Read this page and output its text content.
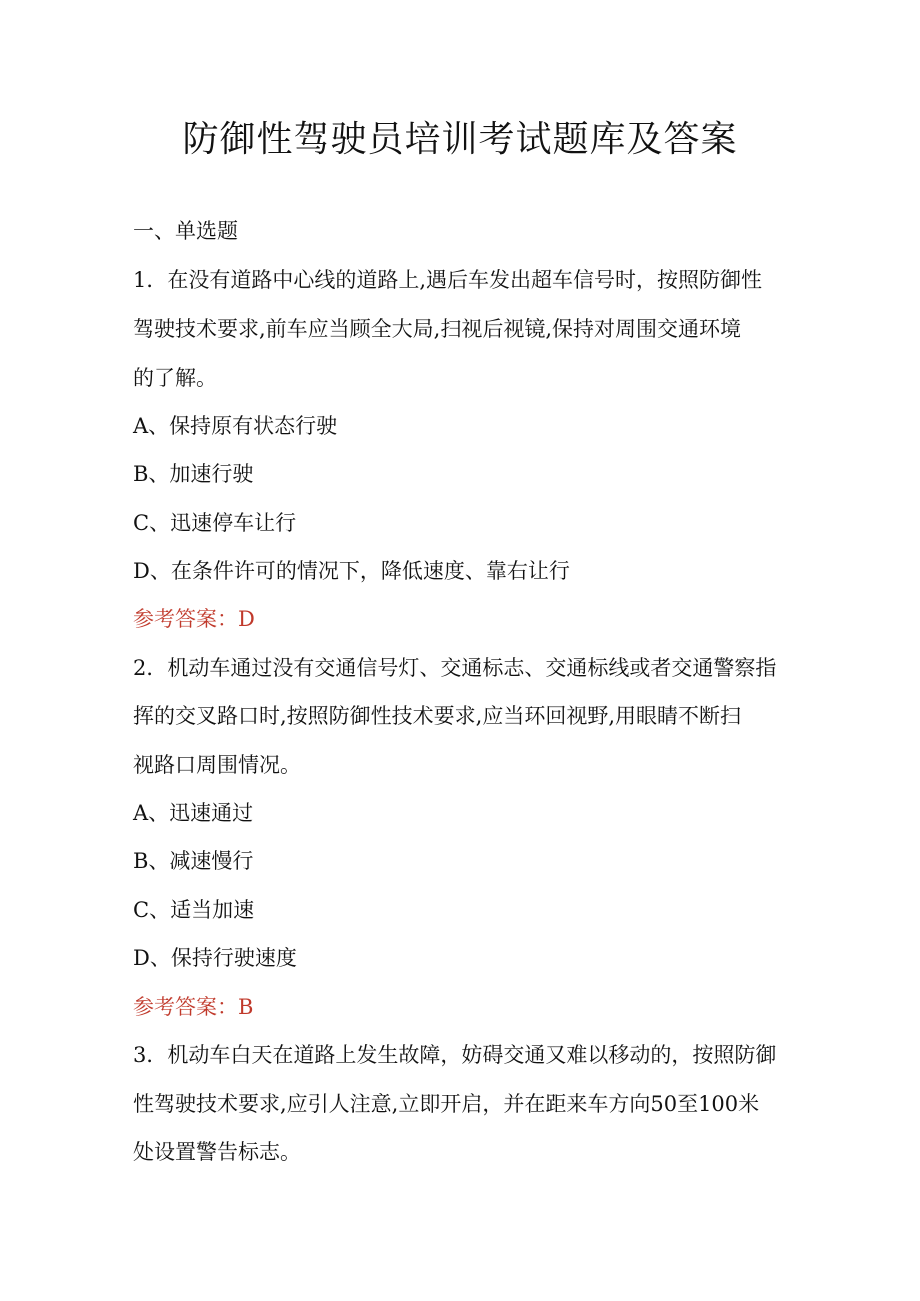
防御性驾驶员培训考试题库及答案
一、单选题
1．在没有道路中心线的道路上,遇后车发出超车信号时，按照防御性
驾驶技术要求,前车应当顾全大局,扫视后视镜,保持对周围交通环境
的了解。
A、保持原有状态行驶
B、加速行驶
C、迅速停车让行
D、在条件许可的情况下，降低速度、靠右让行
参考答案：D
2．机动车通过没有交通信号灯、交通标志、交通标线或者交通警察指
挥的交叉路口时,按照防御性技术要求,应当环回视野,用眼睛不断扫
视路口周围情况。
A、迅速通过
B、减速慢行
C、适当加速
D、保持行驶速度
参考答案：B
3．机动车白天在道路上发生故障，妨碍交通又难以移动的，按照防御
性驾驶技术要求,应引人注意,立即开启，并在距来车方向50至100米
处设置警告标志。
